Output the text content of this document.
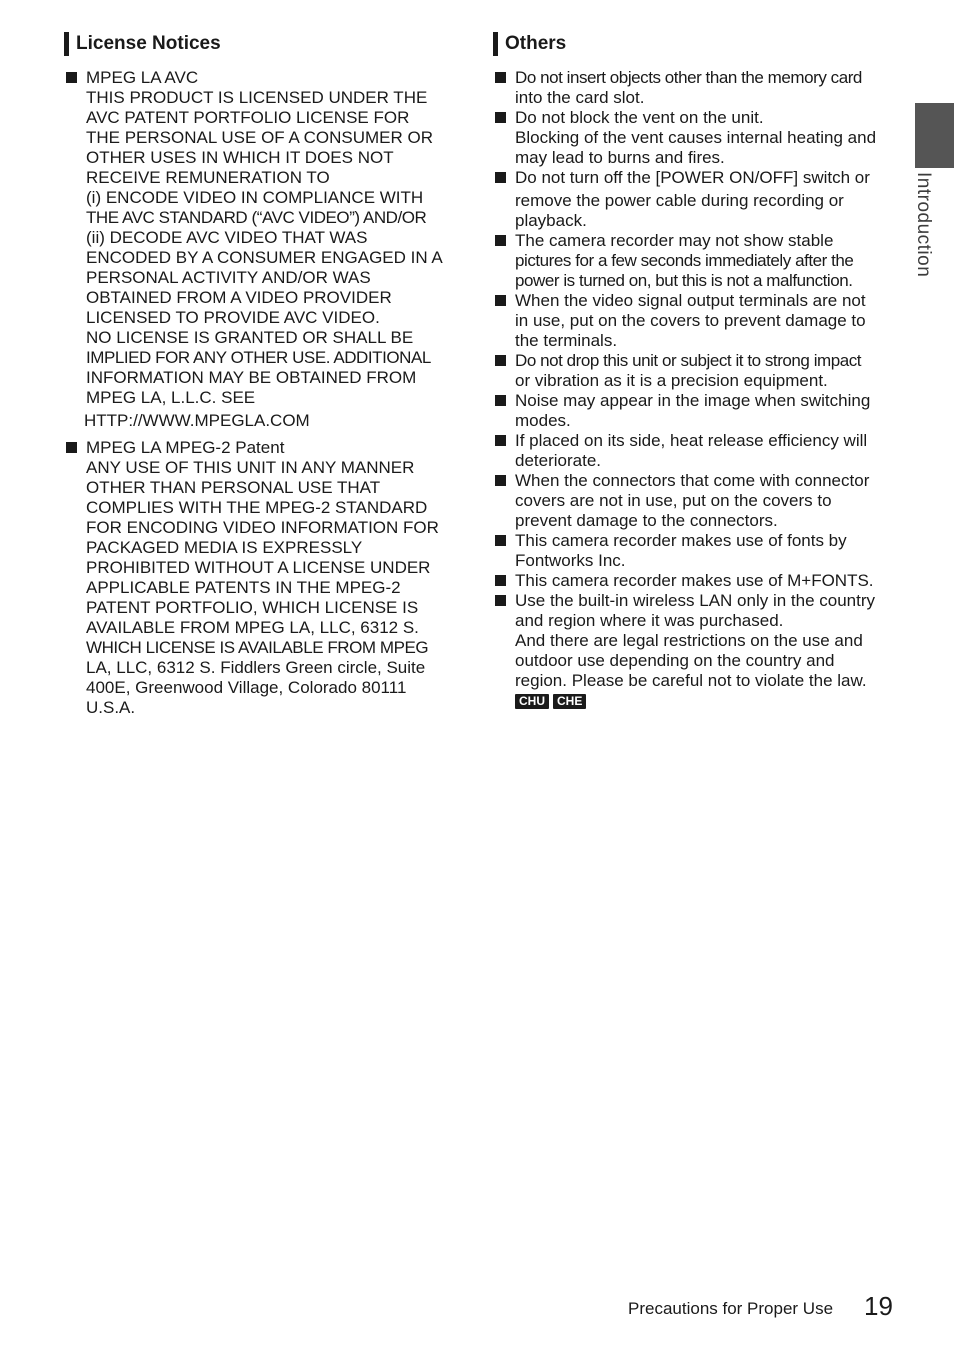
License Notices
MPEG LA AVC
THIS PRODUCT IS LICENSED UNDER THE
AVC PATENT PORTFOLIO LICENSE FOR
THE PERSONAL USE OF A CONSUMER OR
OTHER USES IN WHICH IT DOES NOT
RECEIVE REMUNERATION TO
(i) ENCODE VIDEO IN COMPLIANCE WITH
THE AVC STANDARD (“AVC VIDEO”) AND/OR
(ii) DECODE AVC VIDEO THAT WAS
ENCODED BY A CONSUMER ENGAGED IN A
PERSONAL ACTIVITY AND/OR WAS
OBTAINED FROM A VIDEO PROVIDER
LICENSED TO PROVIDE AVC VIDEO.
NO LICENSE IS GRANTED OR SHALL BE
IMPLIED FOR ANY OTHER USE. ADDITIONAL
INFORMATION MAY BE OBTAINED FROM
MPEG LA, L.L.C. SEE
HTTP://WWW.MPEGLA.COM
MPEG LA MPEG-2 Patent
ANY USE OF THIS UNIT IN ANY MANNER
OTHER THAN PERSONAL USE THAT
COMPLIES WITH THE MPEG-2 STANDARD
FOR ENCODING VIDEO INFORMATION FOR
PACKAGED MEDIA IS EXPRESSLY
PROHIBITED WITHOUT A LICENSE UNDER
APPLICABLE PATENTS IN THE MPEG-2
PATENT PORTFOLIO, WHICH LICENSE IS
AVAILABLE FROM MPEG LA, LLC, 6312 S.
WHICH LICENSE IS AVAILABLE FROM MPEG
LA, LLC, 6312 S. Fiddlers Green circle, Suite
400E, Greenwood Village, Colorado 80111
U.S.A.
Others
Do not insert objects other than the memory card
into the card slot.
Do not block the vent on the unit.
Blocking of the vent causes internal heating and
may lead to burns and fires.
Do not turn off the [POWER ON/OFF] switch or
remove the power cable during recording or
playback.
The camera recorder may not show stable
pictures for a few seconds immediately after the
power is turned on, but this is not a malfunction.
When the video signal output terminals are not
in use, put on the covers to prevent damage to
the terminals.
Do not drop this unit or subject it to strong impact
or vibration as it is a precision equipment.
Noise may appear in the image when switching
modes.
If placed on its side, heat release efficiency will
deteriorate.
When the connectors that come with connector
covers are not in use, put on the covers to
prevent damage to the connectors.
This camera recorder makes use of fonts by
Fontworks Inc.
This camera recorder makes use of M+FONTS.
Use the built-in wireless LAN only in the country
and region where it was purchased.
And there are legal restrictions on the use and
outdoor use depending on the country and
region. Please be careful not to violate the law.
CHU	CHE
Introduction
Precautions for Proper Use 19
